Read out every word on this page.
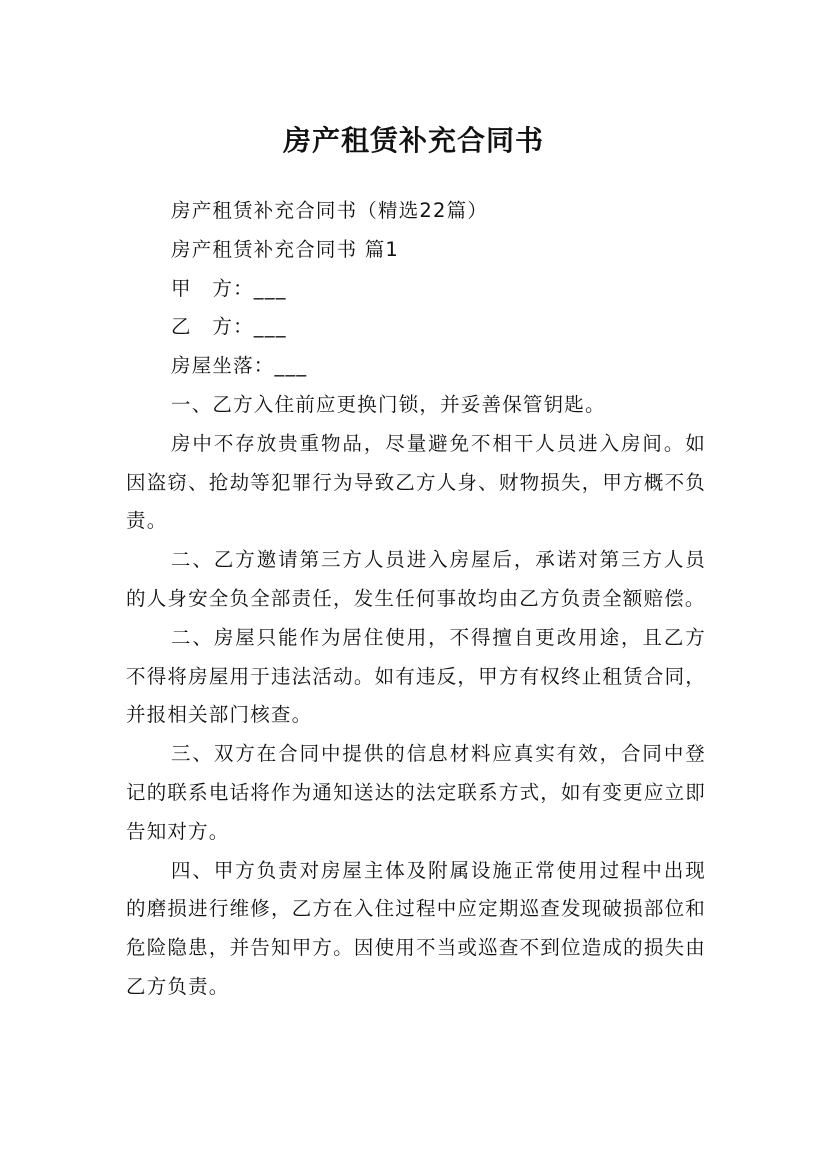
房产租赁补充合同书

房产租赁补充合同书（精选22篇）

房产租赁补充合同书 篇1

甲　方：___

乙　方：___

房屋坐落：___

一、乙方入住前应更换门锁，并妥善保管钥匙。

房中不存放贵重物品，尽量避免不相干人员进入房间。如因盗窃、抢劫等犯罪行为导致乙方人身、财物损失，甲方概不负责。

二、乙方邀请第三方人员进入房屋后，承诺对第三方人员的人身安全负全部责任，发生任何事故均由乙方负责全额赔偿。

二、房屋只能作为居住使用，不得擅自更改用途，且乙方不得将房屋用于违法活动。如有违反，甲方有权终止租赁合同，并报相关部门核查。

三、双方在合同中提供的信息材料应真实有效，合同中登记的联系电话将作为通知送达的法定联系方式，如有变更应立即告知对方。

四、甲方负责对房屋主体及附属设施正常使用过程中出现的磨损进行维修，乙方在入住过程中应定期巡查发现破损部位和危险隐患，并告知甲方。因使用不当或巡查不到位造成的损失由乙方负责。
